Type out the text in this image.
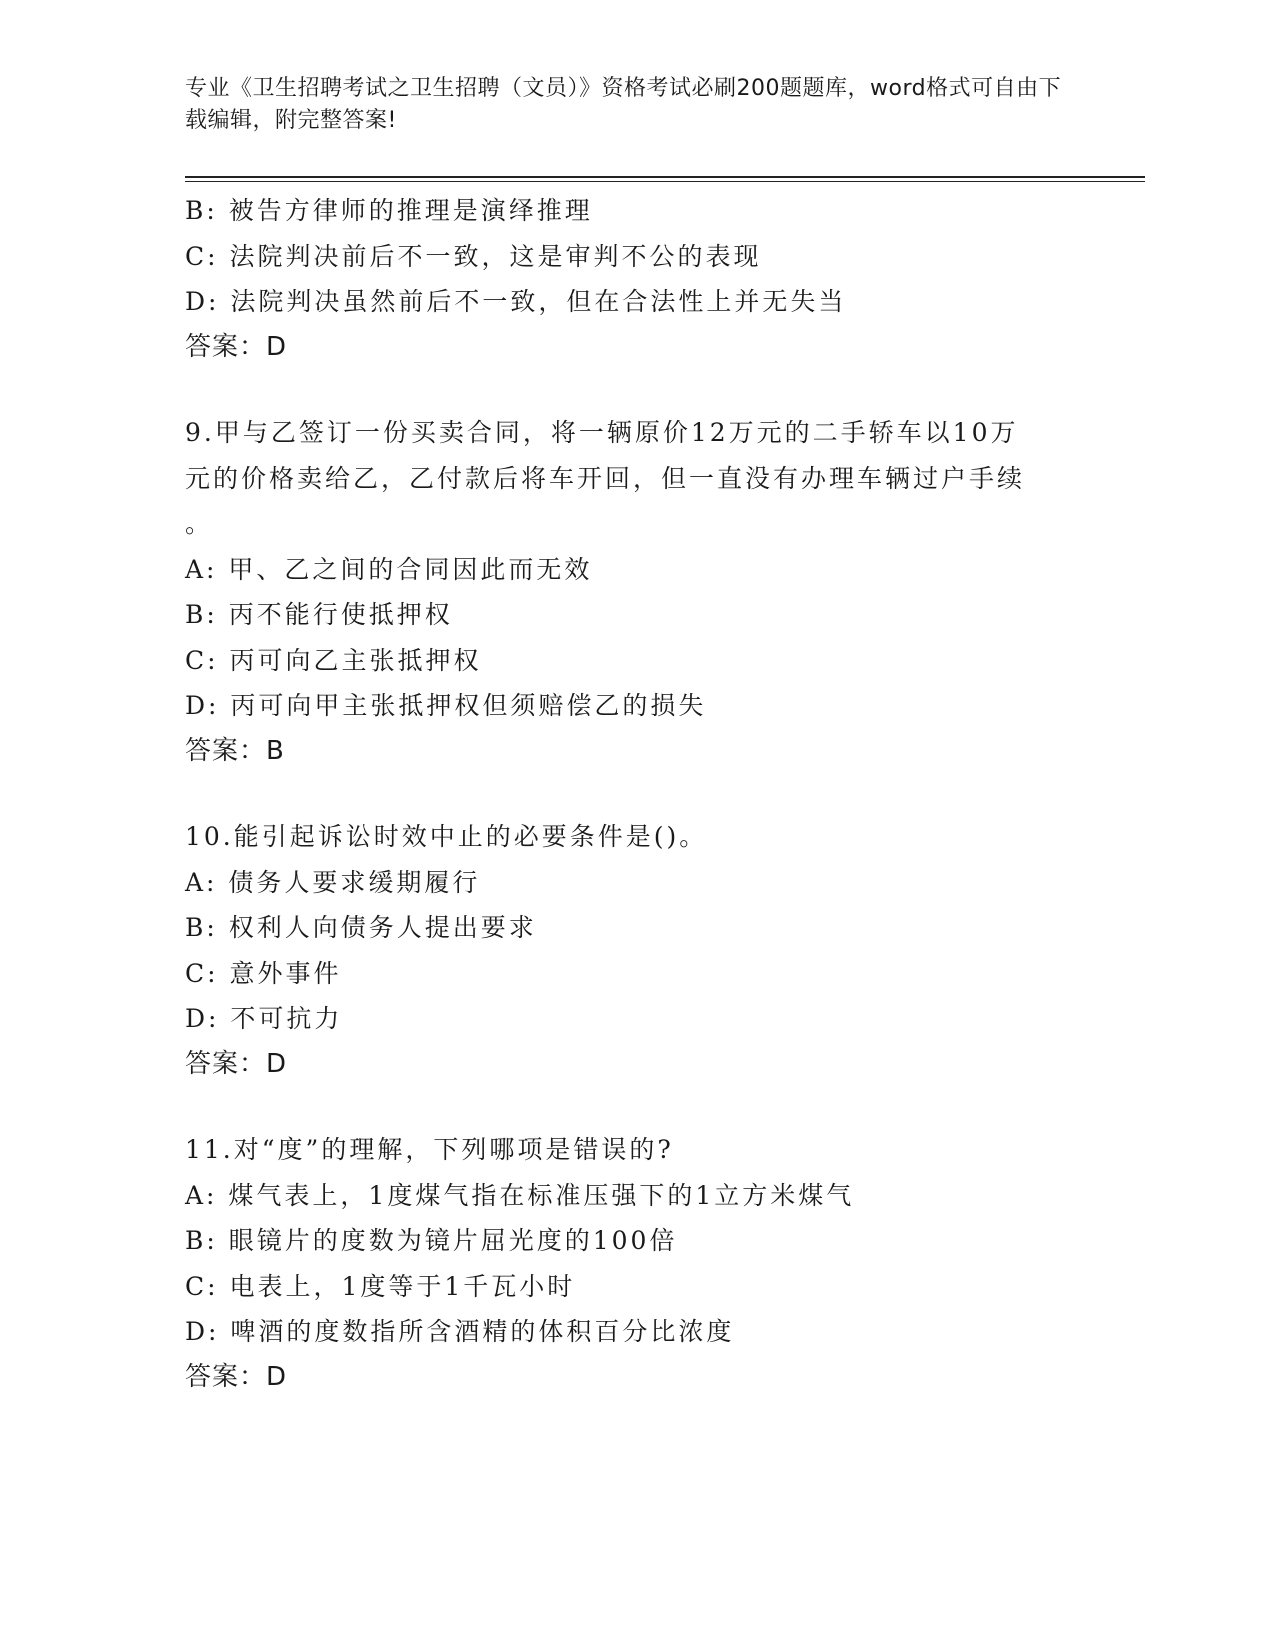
专业《卫生招聘考试之卫生招聘（文员）》资格考试必刷200题题库，word格式可自由下载编辑，附完整答案!
B: 被告方律师的推理是演绎推理
C: 法院判决前后不一致，这是审判不公的表现
D: 法院判决虽然前后不一致，但在合法性上并无失当
答案：D
9.甲与乙签订一份买卖合同，将一辆原价12万元的二手轿车以10万
元的价格卖给乙，乙付款后将车开回，但一直没有办理车辆过户手续
。
A: 甲、乙之间的合同因此而无效
B: 丙不能行使抵押权
C: 丙可向乙主张抵押权
D: 丙可向甲主张抵押权但须赔偿乙的损失
答案：B
10.能引起诉讼时效中止的必要条件是()。
A: 债务人要求缓期履行
B: 权利人向债务人提出要求
C: 意外事件
D: 不可抗力
答案：D
11.对“度”的理解，下列哪项是错误的?
A: 煤气表上，1度煤气指在标准压强下的1立方米煤气
B: 眼镜片的度数为镜片屈光度的100倍
C: 电表上，1度等于1千瓦小时
D: 啤酒的度数指所含酒精的体积百分比浓度
答案：D
